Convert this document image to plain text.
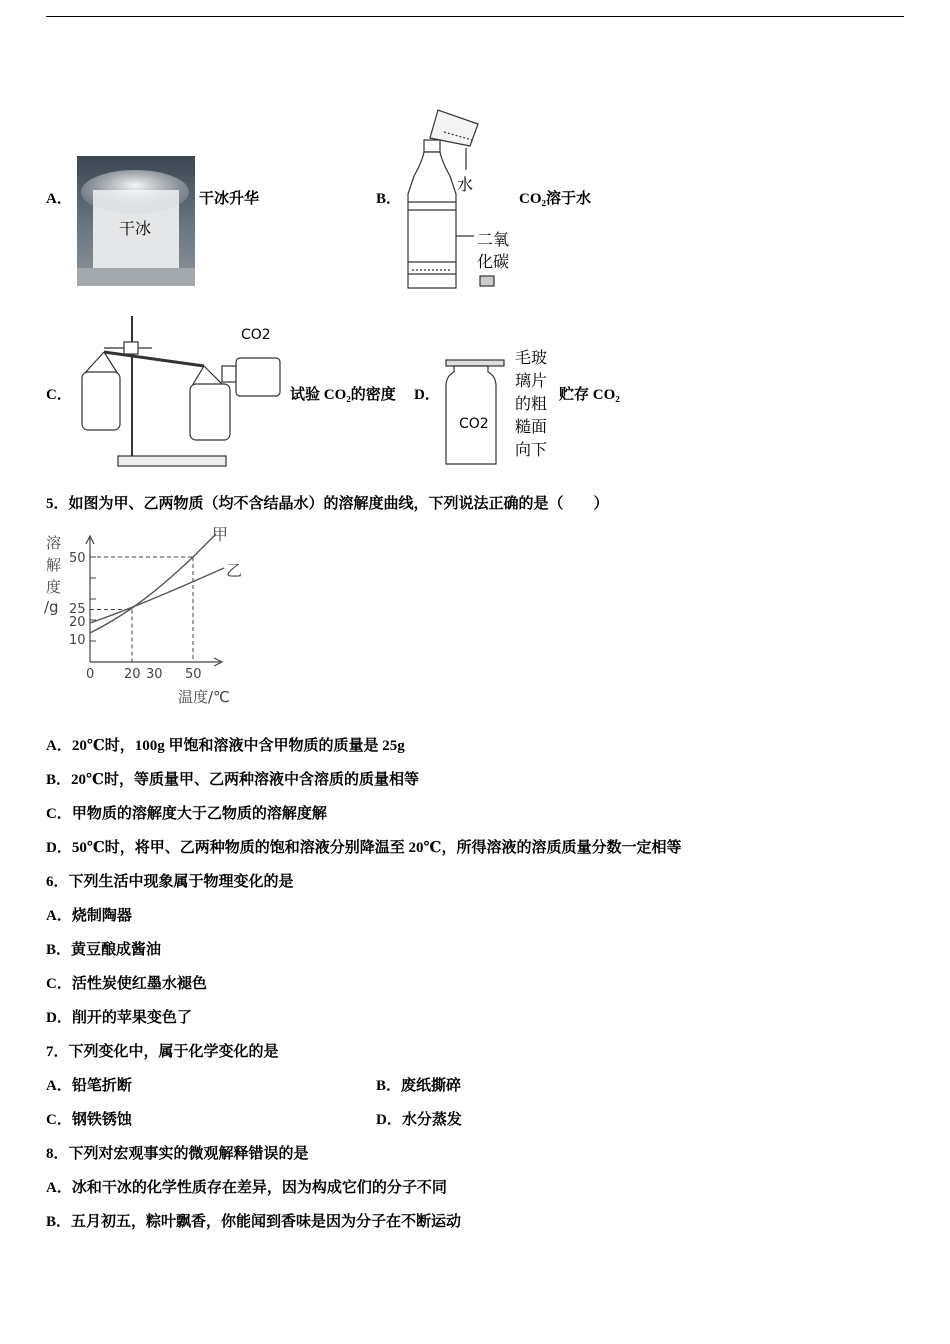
A．
干冰
干冰升华	B．
水
二氧
化碳
CO₂溶于水
C．
CO2
试验 CO₂的密度 D．
CO2
毛玻
璃片
的粗
糙面
向下
贮存 CO₂
5．如图为甲、乙两物质（均不含结晶水）的溶解度曲线，下列说法正确的是（　　）
溶
解
度
/g
50
25
20
10
0 20 30 50
甲
乙
温度/℃
A．20℃时，100g 甲饱和溶液中含甲物质的质量是 25g
B．20℃时，等质量甲、乙两种溶液中含溶质的质量相等
C．甲物质的溶解度大于乙物质的溶解度解
D．50℃时，将甲、乙两种物质的饱和溶液分别降温至 20℃，所得溶液的溶质质量分数一定相等
6．下列生活中现象属于物理变化的是
A．烧制陶器
B．黄豆酿成酱油
C．活性炭使红墨水褪色
D．削开的苹果变色了
7．下列变化中，属于化学变化的是
A．铅笔折断	B．废纸撕碎
C．钢铁锈蚀	D．水分蒸发
8．下列对宏观事实的微观解释错误的是
A．冰和干冰的化学性质存在差异，因为构成它们的分子不同
B．五月初五，粽叶飘香，你能闻到香味是因为分子在不断运动
